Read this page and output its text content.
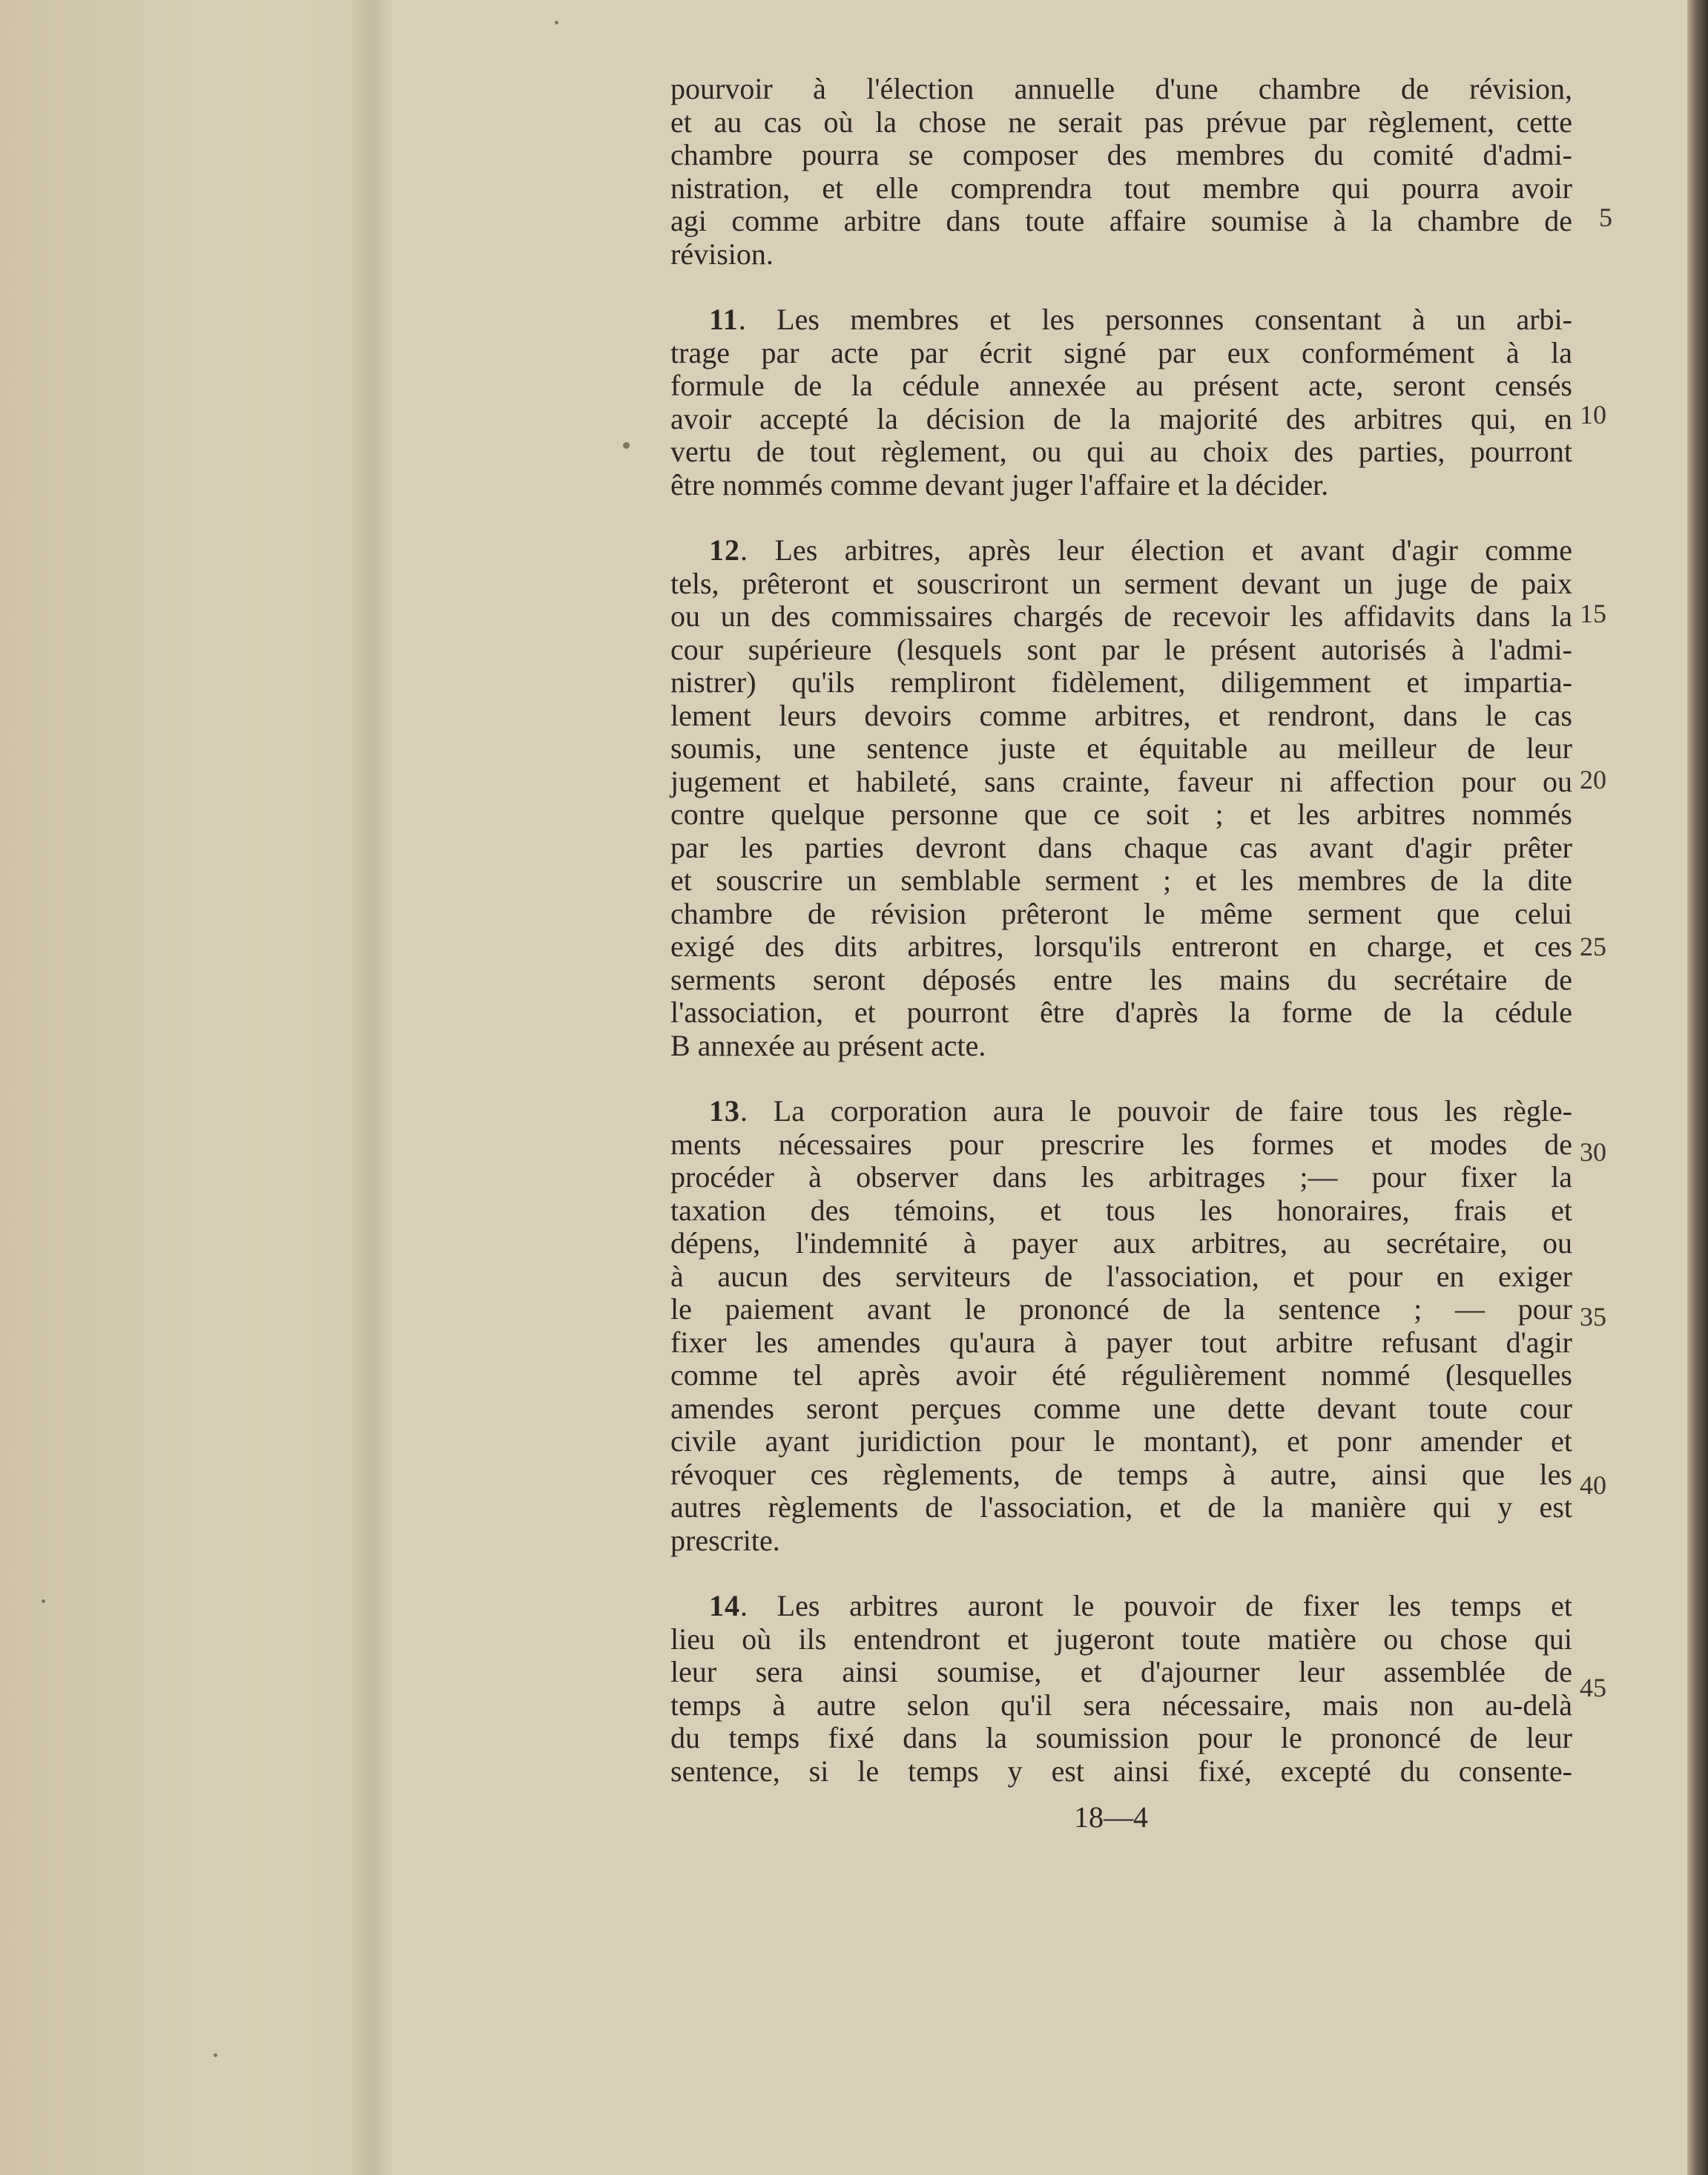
pourvoir à l'élection annuelle d'une chambre de révision,
et au cas où la chose ne serait pas prévue par règlement, cette
chambre pourra se composer des membres du comité d'admi-
nistration, et elle comprendra tout membre qui pourra avoir
agi comme arbitre dans toute affaire soumise à la chambre de
révision.
11. Les membres et les personnes consentant à un arbi-
trage par acte par écrit signé par eux conformément à la
formule de la cédule annexée au présent acte, seront censés
avoir accepté la décision de la majorité des arbitres qui, en
vertu de tout règlement, ou qui au choix des parties, pourront
être nommés comme devant juger l'affaire et la décider.
12. Les arbitres, après leur élection et avant d'agir comme
tels, prêteront et souscriront un serment devant un juge de paix
ou un des commissaires chargés de recevoir les affidavits dans la
cour supérieure (lesquels sont par le présent autorisés à l'admi-
nistrer) qu'ils rempliront fidèlement, diligemment et impartia-
lement leurs devoirs comme arbitres, et rendront, dans le cas
soumis, une sentence juste et équitable au meilleur de leur
jugement et habileté, sans crainte, faveur ni affection pour ou
contre quelque personne que ce soit ; et les arbitres nommés
par les parties devront dans chaque cas avant d'agir prêter
et souscrire un semblable serment ; et les membres de la dite
chambre de révision prêteront le même serment que celui
exigé des dits arbitres, lorsqu'ils entreront en charge, et ces
serments seront déposés entre les mains du secrétaire de
l'association, et pourront être d'après la forme de la cédule
B annexée au présent acte.
13. La corporation aura le pouvoir de faire tous les règle-
ments nécessaires pour prescrire les formes et modes de
procéder à observer dans les arbitrages ;— pour fixer la
taxation des témoins, et tous les honoraires, frais et
dépens, l'indemnité à payer aux arbitres, au secrétaire, ou
à aucun des serviteurs de l'association, et pour en exiger
le paiement avant le prononcé de la sentence ; — pour
fixer les amendes qu'aura à payer tout arbitre refusant d'agir
comme tel après avoir été régulièrement nommé (lesquelles
amendes seront perçues comme une dette devant toute cour
civile ayant juridiction pour le montant), et ponr amender et
révoquer ces règlements, de temps à autre, ainsi que les
autres règlements de l'association, et de la manière qui y est
prescrite.
14. Les arbitres auront le pouvoir de fixer les temps et
lieu où ils entendront et jugeront toute matière ou chose qui
leur sera ainsi soumise, et d'ajourner leur assemblée de
temps à autre selon qu'il sera nécessaire, mais non au-delà
du temps fixé dans la soumission pour le prononcé de leur
sentence, si le temps y est ainsi fixé, excepté du consente-
18—4
5
10
15
20
25
30
35
40
45
